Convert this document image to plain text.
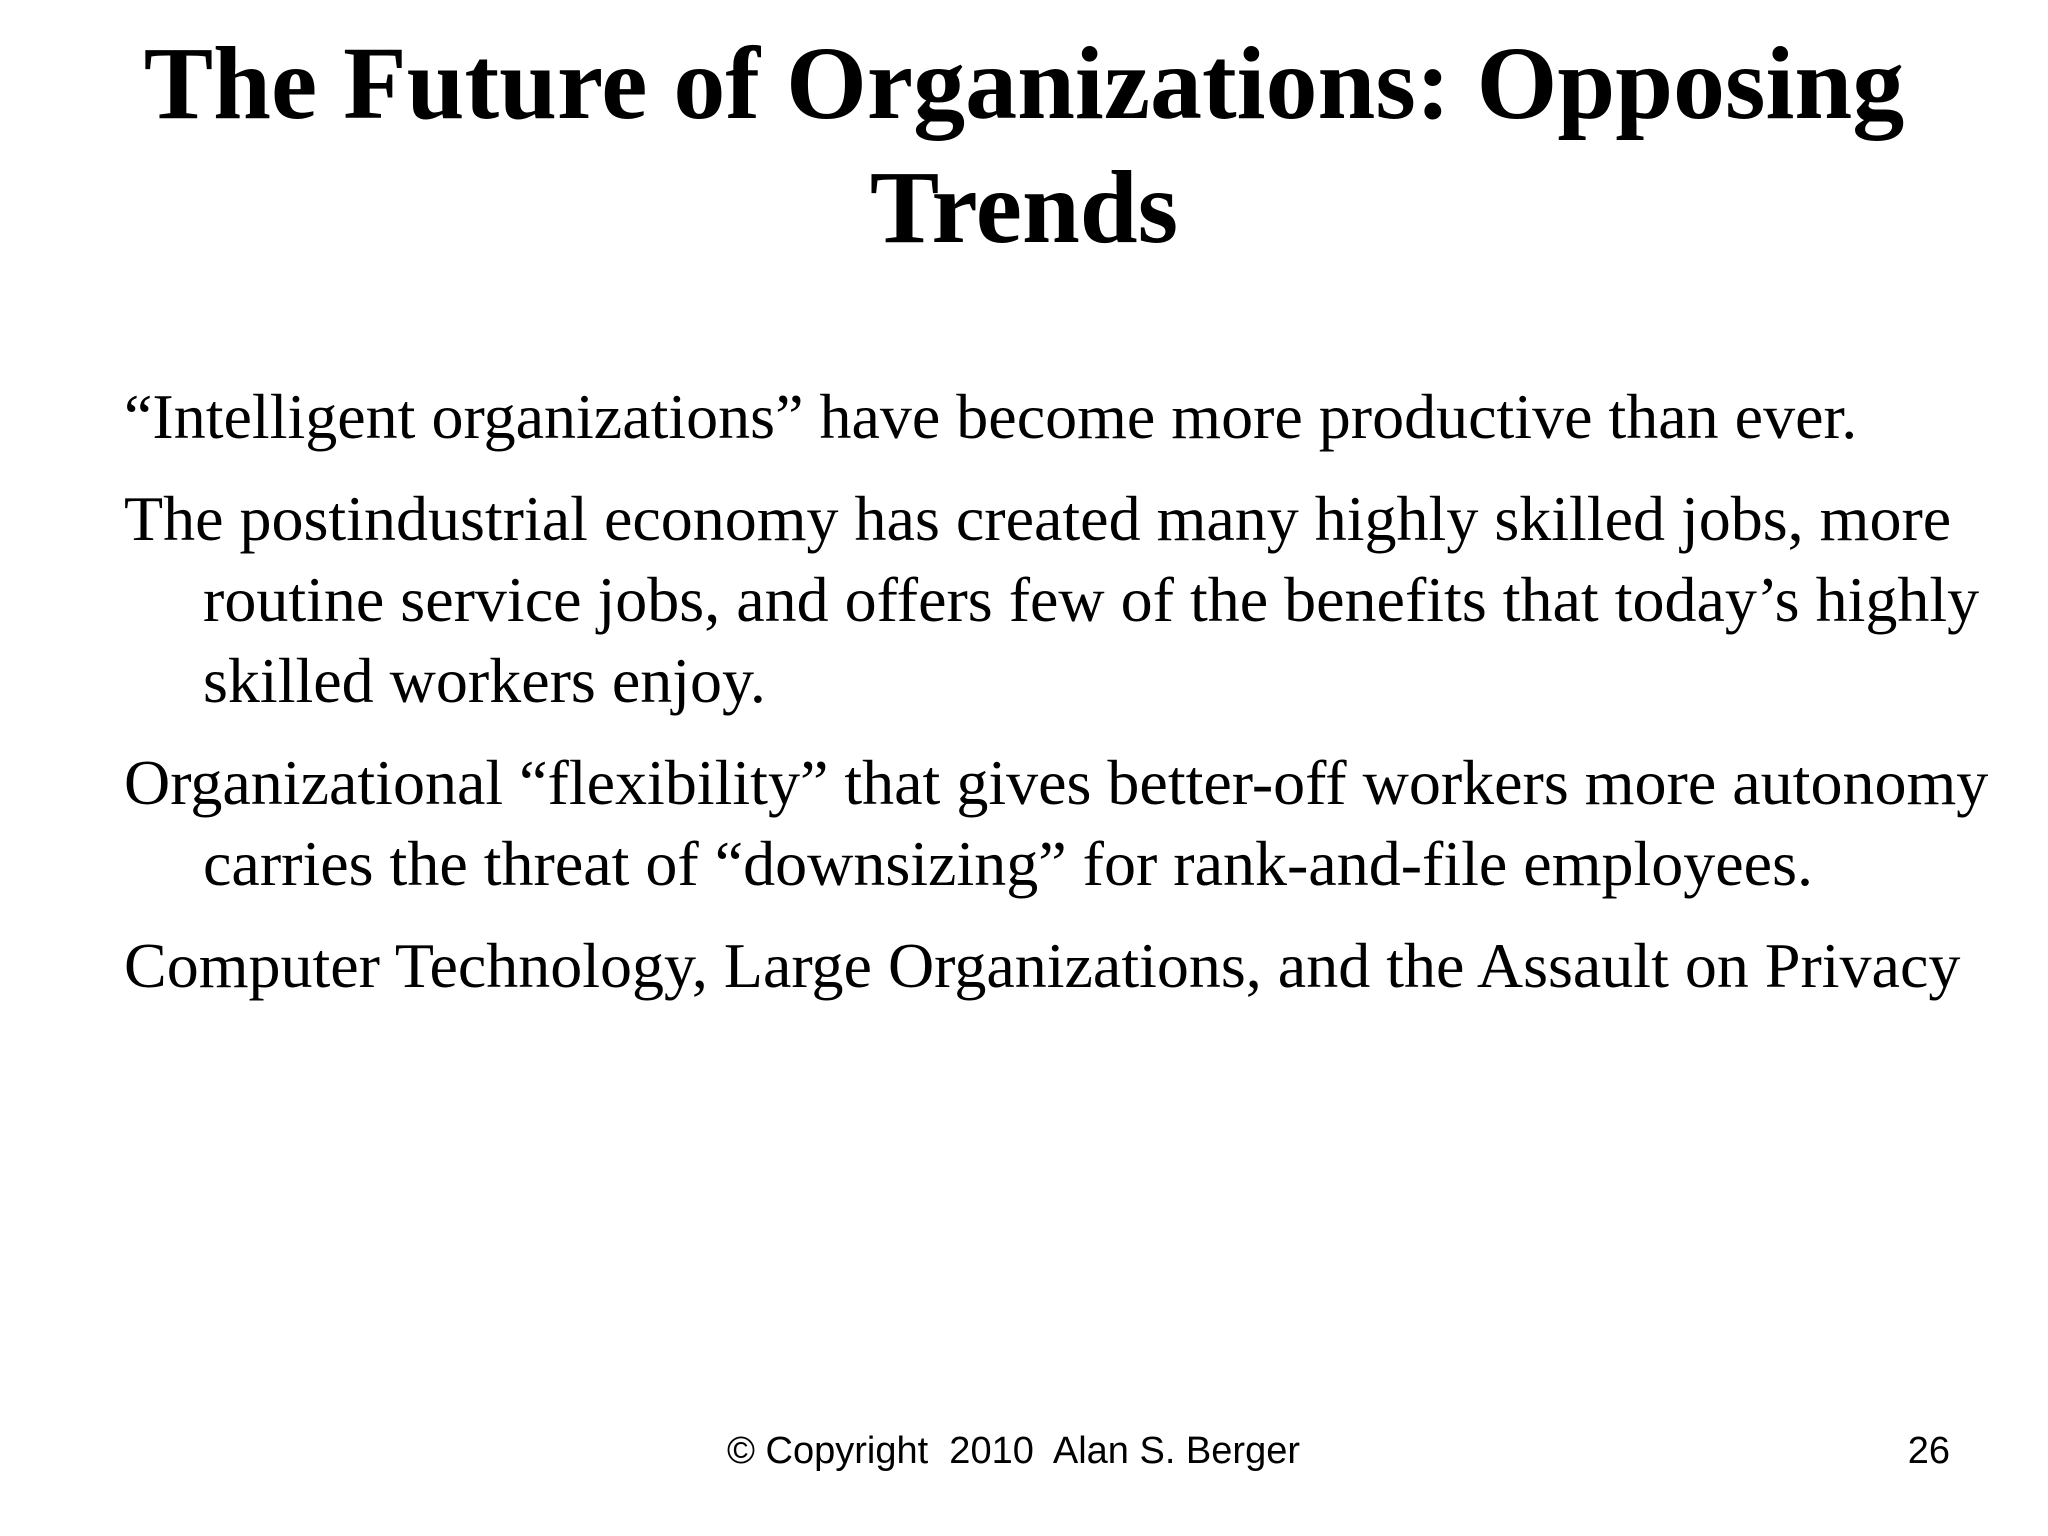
The Future of Organizations: Opposing
Trends
“Intelligent organizations” have become more productive than ever.
The postindustrial economy has created many highly skilled jobs, more routine service jobs, and offers few of the benefits that today’s highly skilled workers enjoy.
Organizational “flexibility” that gives better-off workers more autonomy carries the threat of “downsizing” for rank-and-file employees.
Computer Technology, Large Organizations, and the Assault on Privacy
© Copyright  2010  Alan S. Berger	26
